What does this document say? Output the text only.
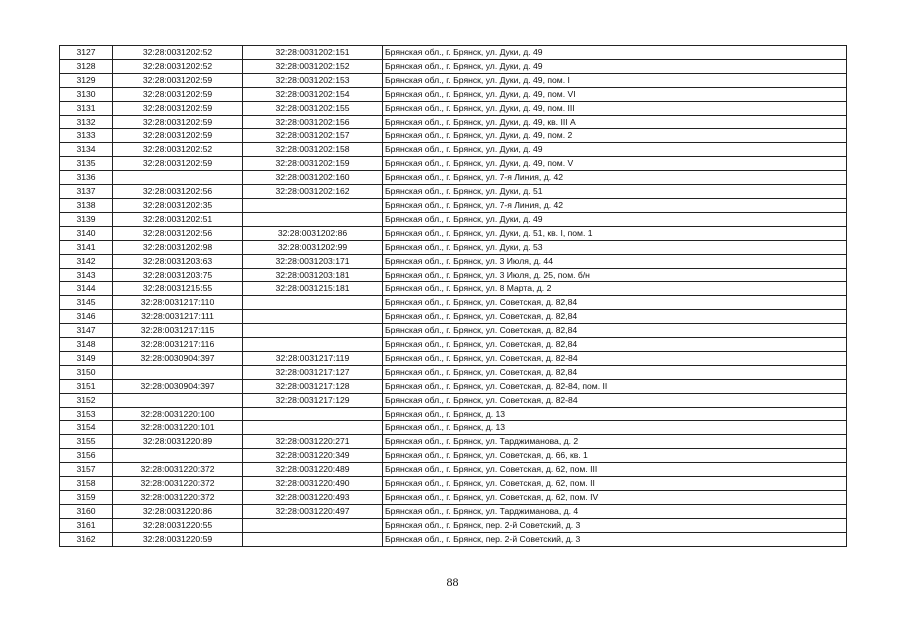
3127	32:28:0031202:52	32:28:0031202:151	Брянская обл., г. Брянск, ул. Дуки, д. 49
3128	32:28:0031202:52	32:28:0031202:152	Брянская обл., г. Брянск, ул. Дуки, д. 49
3129	32:28:0031202:59	32:28:0031202:153	Брянская обл., г. Брянск, ул. Дуки, д. 49, пом. I
3130	32:28:0031202:59	32:28:0031202:154	Брянская обл., г. Брянск, ул. Дуки, д. 49, пом. VI
3131	32:28:0031202:59	32:28:0031202:155	Брянская обл., г. Брянск, ул. Дуки, д. 49, пом. III
3132	32:28:0031202:59	32:28:0031202:156	Брянская обл., г. Брянск, ул. Дуки, д. 49, кв. III А
3133	32:28:0031202:59	32:28:0031202:157	Брянская обл., г. Брянск, ул. Дуки, д. 49, пом. 2
3134	32:28:0031202:52	32:28:0031202:158	Брянская обл., г. Брянск, ул. Дуки, д. 49
3135	32:28:0031202:59	32:28:0031202:159	Брянская обл., г. Брянск, ул. Дуки, д. 49, пом. V
3136		32:28:0031202:160	Брянская обл., г. Брянск, ул. 7-я Линия, д. 42
3137	32:28:0031202:56	32:28:0031202:162	Брянская обл., г. Брянск, ул. Дуки, д. 51
3138	32:28:0031202:35		Брянская обл., г. Брянск, ул. 7-я Линия, д. 42
3139	32:28:0031202:51		Брянская обл., г. Брянск, ул. Дуки, д. 49
3140	32:28:0031202:56	32:28:0031202:86	Брянская обл., г. Брянск, ул. Дуки, д. 51, кв. I, пом. 1
3141	32:28:0031202:98	32:28:0031202:99	Брянская обл., г. Брянск, ул. Дуки, д. 53
3142	32:28:0031203:63	32:28:0031203:171	Брянская обл., г. Брянск, ул. 3 Июля, д. 44
3143	32:28:0031203:75	32:28:0031203:181	Брянская обл., г. Брянск, ул. 3 Июля, д. 25, пом. б/н
3144	32:28:0031215:55	32:28:0031215:181	Брянская обл., г. Брянск, ул. 8 Марта, д. 2
3145	32:28:0031217:110		Брянская обл., г. Брянск, ул. Советская, д. 82,84
3146	32:28:0031217:111		Брянская обл., г. Брянск, ул. Советская, д. 82,84
3147	32:28:0031217:115		Брянская обл., г. Брянск, ул. Советская, д. 82,84
3148	32:28:0031217:116		Брянская обл., г. Брянск, ул. Советская, д. 82,84
3149	32:28:0030904:397	32:28:0031217:119	Брянская обл., г. Брянск, ул. Советская, д. 82-84
3150		32:28:0031217:127	Брянская обл., г. Брянск, ул. Советская, д. 82,84
3151	32:28:0030904:397	32:28:0031217:128	Брянская обл., г. Брянск, ул. Советская, д. 82-84, пом. II
3152		32:28:0031217:129	Брянская обл., г. Брянск, ул. Советская, д. 82-84
3153	32:28:0031220:100		Брянская обл., г. Брянск, д. 13
3154	32:28:0031220:101		Брянская обл., г. Брянск, д. 13
3155	32:28:0031220:89	32:28:0031220:271	Брянская обл., г. Брянск, ул. Тарджиманова, д. 2
3156		32:28:0031220:349	Брянская обл., г. Брянск, ул. Советская, д. 66, кв. 1
3157	32:28:0031220:372	32:28:0031220:489	Брянская обл., г. Брянск, ул. Советская, д. 62, пом. III
3158	32:28:0031220:372	32:28:0031220:490	Брянская обл., г. Брянск, ул. Советская, д. 62, пом. II
3159	32:28:0031220:372	32:28:0031220:493	Брянская обл., г. Брянск, ул. Советская, д. 62, пом. IV
3160	32:28:0031220:86	32:28:0031220:497	Брянская обл., г. Брянск, ул. Тарджиманова, д. 4
3161	32:28:0031220:55		Брянская обл., г. Брянск, пер. 2-й Советский, д. 3
3162	32:28:0031220:59		Брянская обл., г. Брянск, пер. 2-й Советский, д. 3
88
